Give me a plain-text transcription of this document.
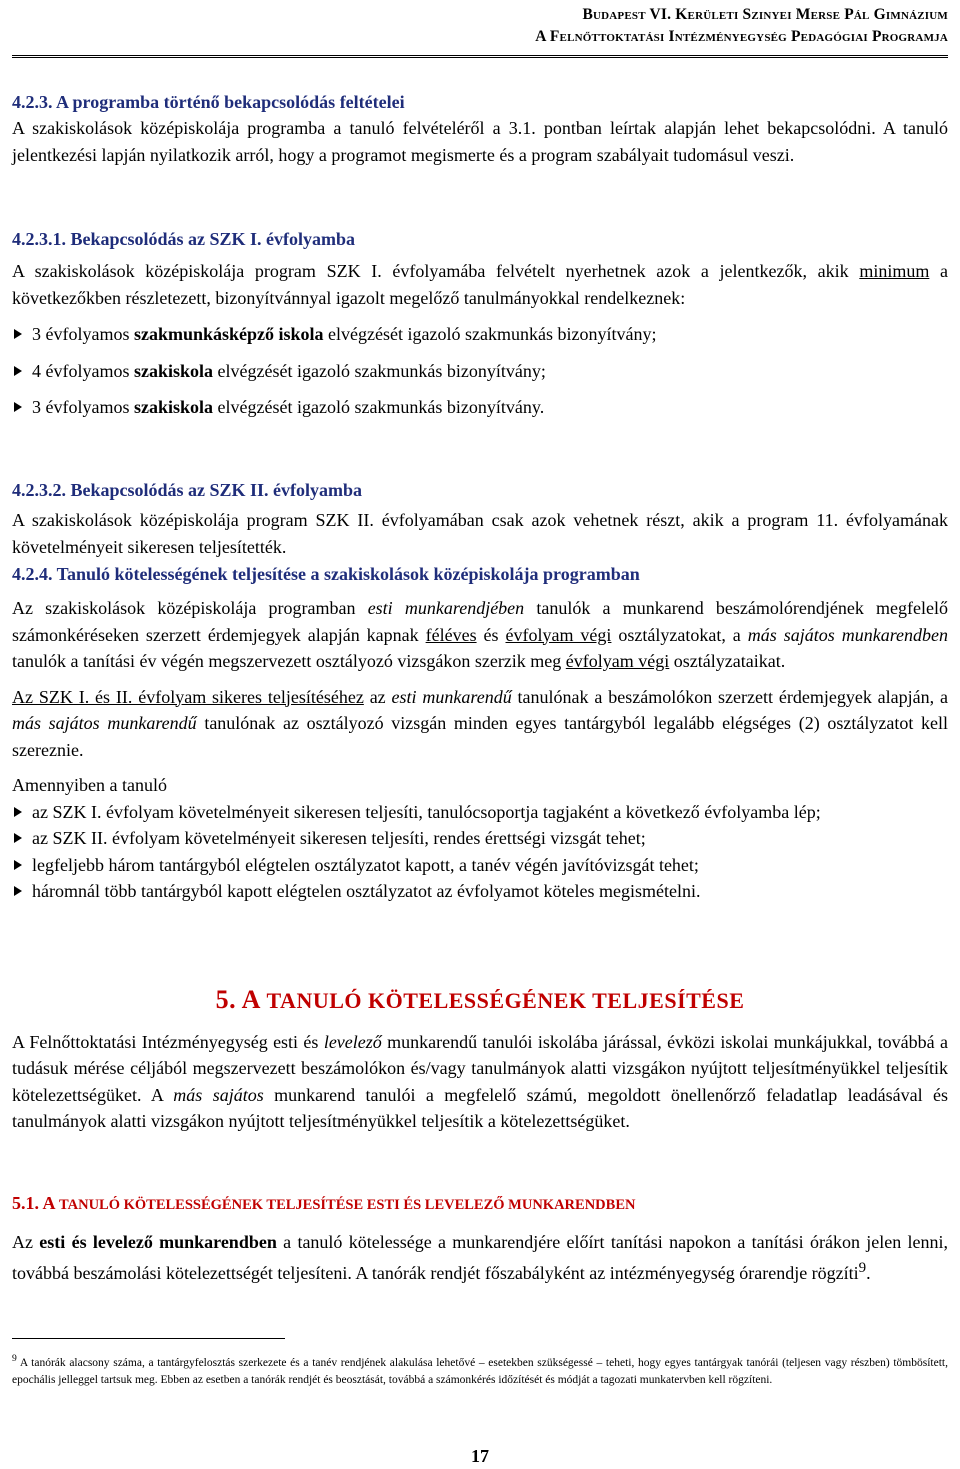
Budapest VI. Kerületi Szinyei Merse Pál Gimnázium
A Felnőttoktatási Intézményegység Pedagógiai Programja

4.2.3. A programba történő bekapcsolódás feltételei

A szakiskolások középiskolája programba a tanuló felvételéről a 3.1. pontban leírtak alapján lehet bekapcsolódni. A tanuló jelentkezési lapján nyilatkozik arról, hogy a programot megismerte és a program szabályait tudomásul veszi.

4.2.3.1. Bekapcsolódás az SZK I. évfolyamba

A szakiskolások középiskolája program SZK I. évfolyamába felvételt nyerhetnek azok a jelentkezők, akik minimum a következőkben részletezett, bizonyítvánnyal igazolt megelőző tanulmányokkal rendelkeznek:

3 évfolyamos szakmunkásképző iskola elvégzését igazoló szakmunkás bizonyítvány;
4 évfolyamos szakiskola elvégzését igazoló szakmunkás bizonyítvány;
3 évfolyamos szakiskola elvégzését igazoló szakmunkás bizonyítvány.

4.2.3.2. Bekapcsolódás az SZK II. évfolyamba

A szakiskolások középiskolája program SZK II. évfolyamában csak azok vehetnek részt, akik a program 11. évfolyamának követelményeit sikeresen teljesítették.

4.2.4. Tanuló kötelességének teljesítése a szakiskolások középiskolája programban

Az szakiskolások középiskolája programban esti munkarendjében tanulók a munkarend beszámolórendjének megfelelő számonkéréseken szerzett érdemjegyek alapján kapnak féléves és évfolyam végi osztályzatokat, a más sajátos munkarendben tanulók a tanítási év végén megszervezett osztályozó vizsgákon szerzik meg évfolyam végi osztályzataikat.

Az SZK I. és II. évfolyam sikeres teljesítéséhez az esti munkarendű tanulónak a beszámolókon szerzett érdemjegyek alapján, a más sajátos munkarendű tanulónak az osztályozó vizsgán minden egyes tantárgyból legalább elégséges (2) osztályzatot kell szereznie.

Amennyiben a tanuló

az SZK I. évfolyam követelményeit sikeresen teljesíti, tanulócsoportja tagjaként a következő évfolyamba lép;
az SZK II. évfolyam követelményeit sikeresen teljesíti, rendes érettségi vizsgát tehet;
legfeljebb három tantárgyból elégtelen osztályzatot kapott, a tanév végén javítóvizsgát tehet;
háromnál több tantárgyból kapott elégtelen osztályzatot az évfolyamot köteles megismételni.

5. A TANULÓ KÖTELESSÉGÉNEK TELJESÍTÉSE

A Felnőttoktatási Intézményegység esti és levelező munkarendű tanulói iskolába járással, évközi iskolai munkájukkal, továbbá a tudásuk mérése céljából megszervezett beszámolókon és/vagy tanulmányok alatti vizsgákon nyújtott teljesítményükkel teljesítik kötelezettségüket. A más sajátos munkarend tanulói a megfelelő számú, megoldott önellenőrző feladatlap leadásával és tanulmányok alatti vizsgákon nyújtott teljesítményükkel teljesítik a kötelezettségüket.

5.1. A TANULÓ KÖTELESSÉGÉNEK TELJESÍTÉSE ESTI ÉS LEVELEZŐ MUNKARENDBEN

Az esti és levelező munkarendben a tanuló kötelessége a munkarendjére előírt tanítási napokon a tanítási órákon jelen lenni, továbbá beszámolási kötelezettségét teljesíteni. A tanórák rendjét főszabályként az intézményegység órarendje rögzíti$^9$.

$^9$ A tanórák alacsony száma, a tantárgyfelosztás szerkezete és a tanév rendjének alakulása lehetővé – esetekben szükségessé – teheti, hogy egyes tantárgyak tanórái (teljesen vagy részben) tömbösített, epochális jelleggel tartsuk meg. Ebben az esetben a tanórák rendjét és beosztását, továbbá a számonkérés időzítését és módját a tagozati munkatervben kell rögzíteni.
17
